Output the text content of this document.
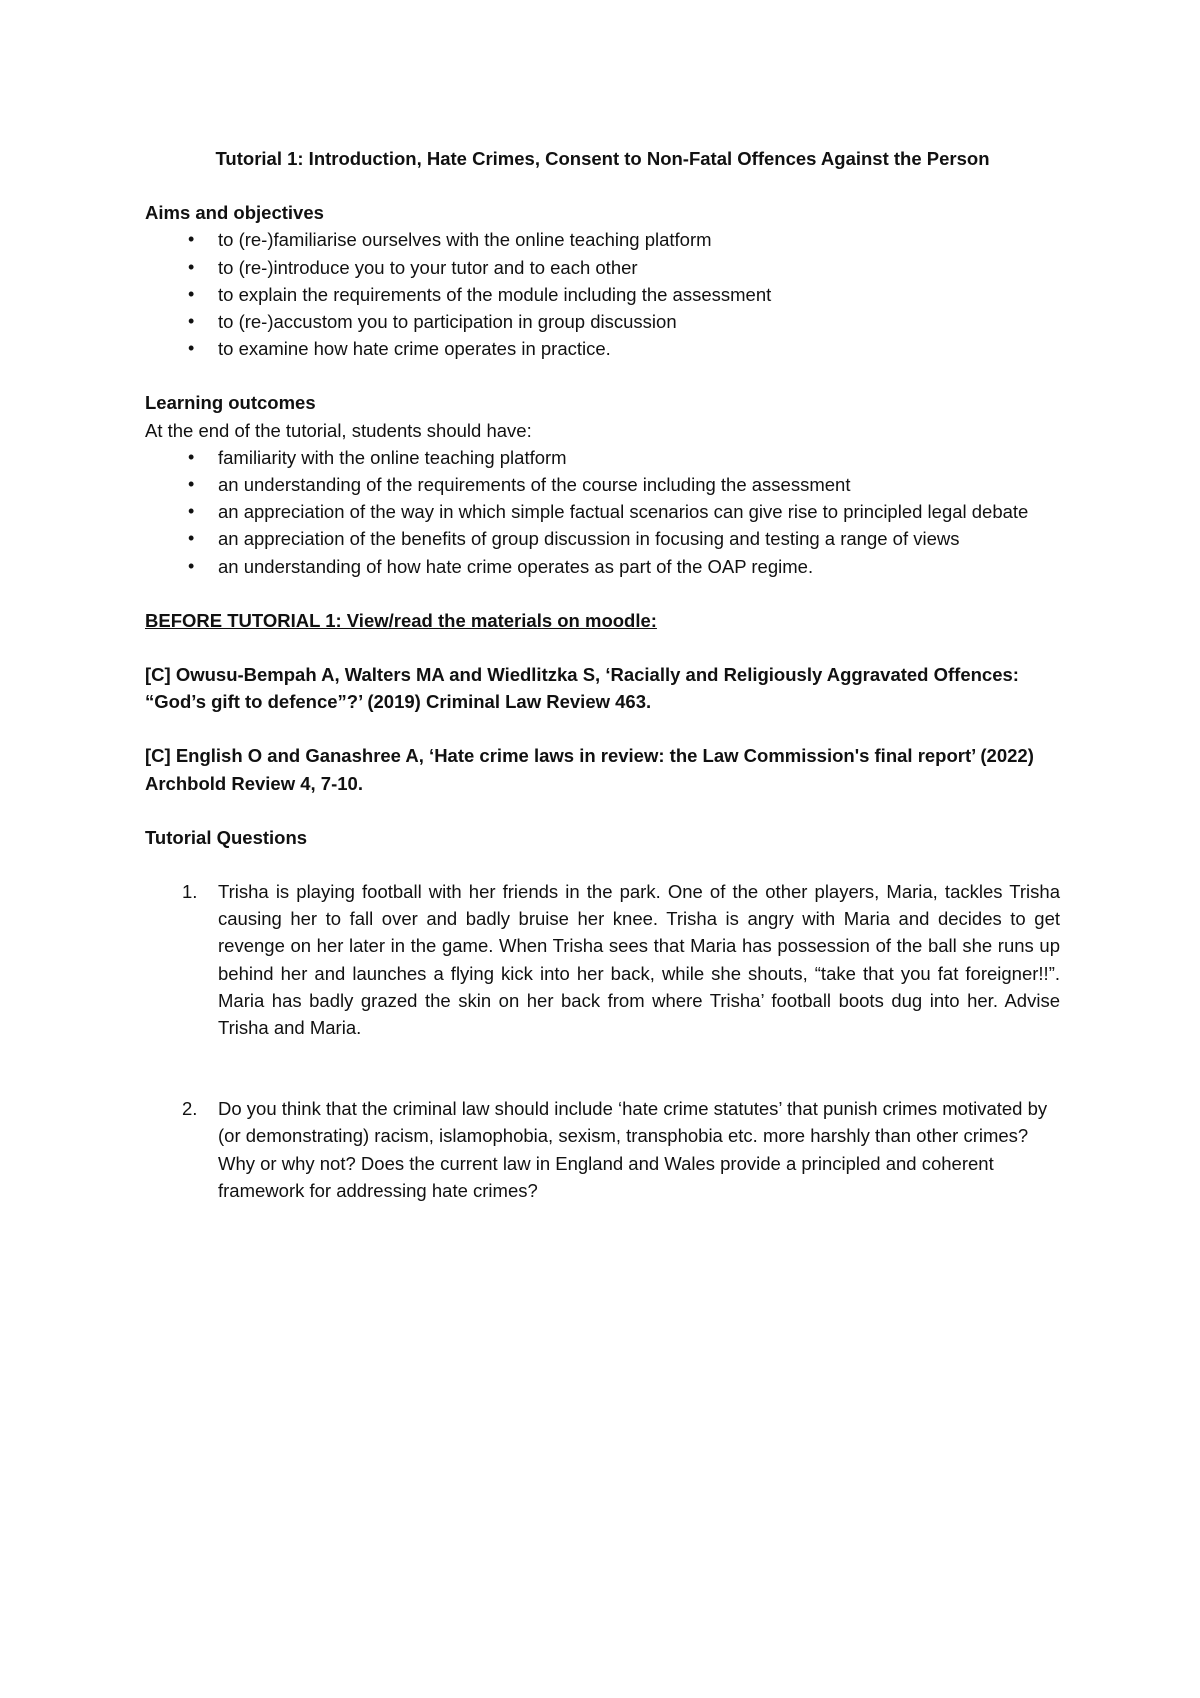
Tutorial 1: Introduction, Hate Crimes, Consent to Non-Fatal Offences Against the Person

Aims and objectives

• to (re-)familiarise ourselves with the online teaching platform
• to (re-)introduce you to your tutor and to each other
• to explain the requirements of the module including the assessment
• to (re-)accustom you to participation in group discussion
• to examine how hate crime operates in practice.

Learning outcomes

At the end of the tutorial, students should have:

• familiarity with the online teaching platform
• an understanding of the requirements of the course including the assessment
• an appreciation of the way in which simple factual scenarios can give rise to principled legal debate
• an appreciation of the benefits of group discussion in focusing and testing a range of views
• an understanding of how hate crime operates as part of the OAP regime.

BEFORE TUTORIAL 1: View/read the materials on moodle:

[C] Owusu-Bempah A, Walters MA and Wiedlitzka S, ‘Racially and Religiously Aggravated Offences: “God’s gift to defence”?’ (2019) Criminal Law Review 463.

[C] English O and Ganashree A, ‘Hate crime laws in review: the Law Commission's final report’ (2022) Archbold Review 4, 7-10.

Tutorial Questions

1. Trisha is playing football with her friends in the park. One of the other players, Maria, tackles Trisha causing her to fall over and badly bruise her knee. Trisha is angry with Maria and decides to get revenge on her later in the game. When Trisha sees that Maria has possession of the ball she runs up behind her and launches a flying kick into her back, while she shouts, “take that you fat foreigner!!”. Maria has badly grazed the skin on her back from where Trisha’ football boots dug into her. Advise Trisha and Maria.
2. Do you think that the criminal law should include ‘hate crime statutes’ that punish crimes motivated by (or demonstrating) racism, islamophobia, sexism, transphobia etc. more harshly than other crimes? Why or why not? Does the current law in England and Wales provide a principled and coherent framework for addressing hate crimes?
